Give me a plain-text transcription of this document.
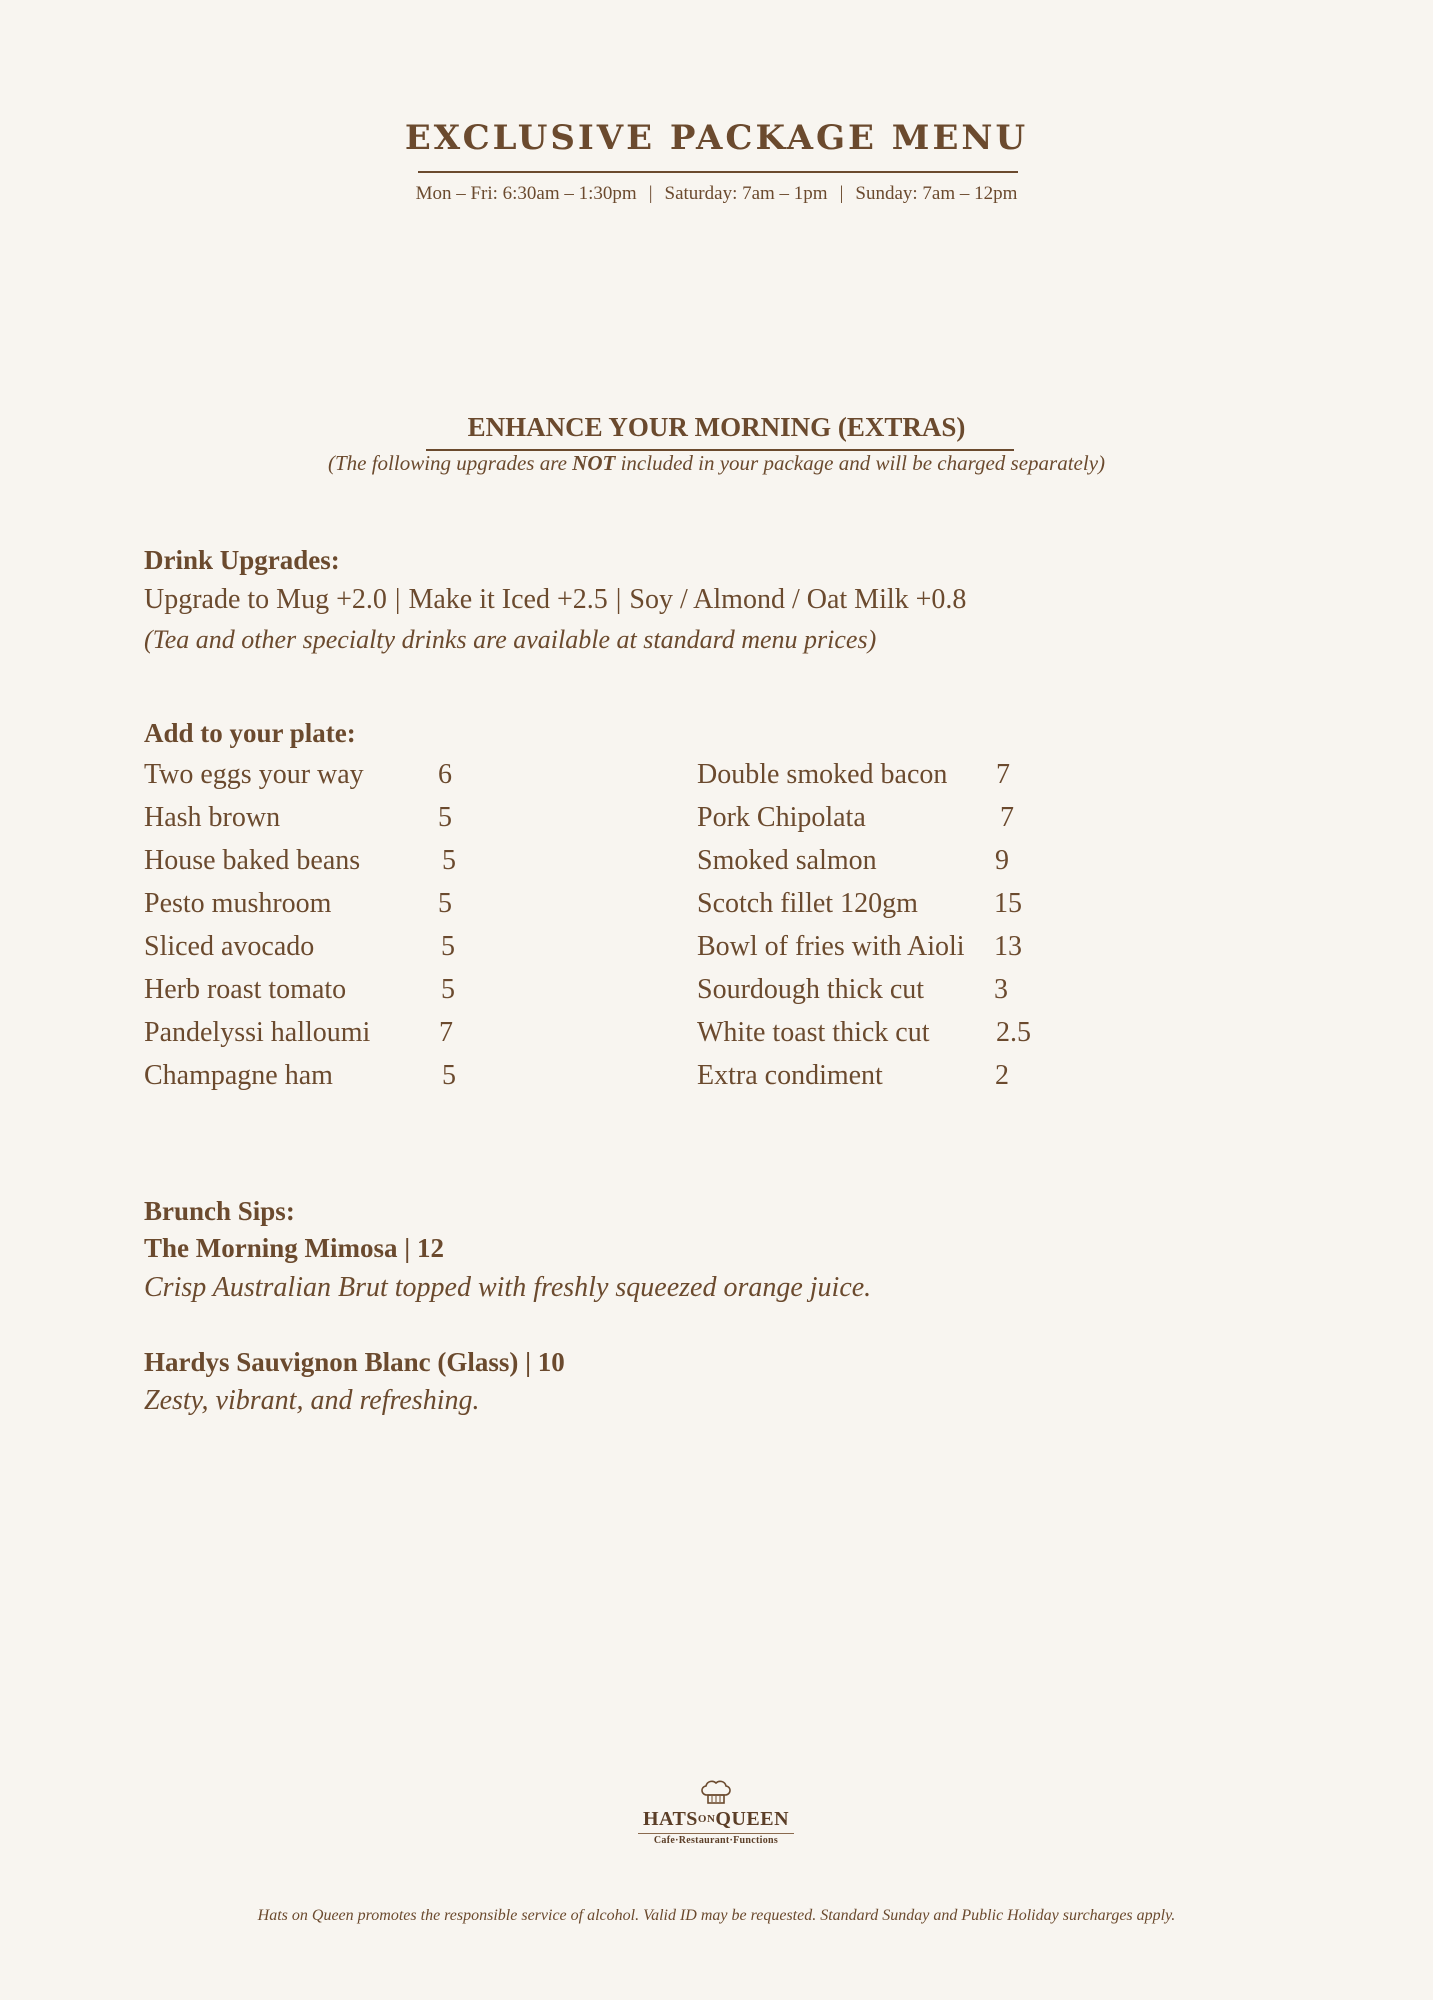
EXCLUSIVE PACKAGE MENU
Mon – Fri: 6:30am – 1:30pm | Saturday: 7am – 1pm | Sunday: 7am – 12pm
ENHANCE YOUR MORNING (EXTRAS)
(The following upgrades are NOT included in your package and will be charged separately)
Drink Upgrades:
Upgrade to Mug +2.0 | Make it Iced +2.5 | Soy / Almond / Oat Milk +0.8
(Tea and other specialty drinks are available at standard menu prices)
Add to your plate:
Two eggs your way	6
Hash brown	5
House baked beans	5
Pesto mushroom	5
Sliced avocado	5
Herb roast tomato	5
Pandelyssi halloumi 7
Champagne ham	5
Double smoked bacon 7
Pork Chipolata	7
Smoked salmon	9
Scotch fillet 120gm	15
Bowl of fries with Aioli 13
Sourdough thick cut 3
White toast thick cut 2.5
Extra condiment	2
Brunch Sips:
The Morning Mimosa | 12
Crisp Australian Brut topped with freshly squeezed orange juice.
Hardys Sauvignon Blanc (Glass) | 10
Zesty, vibrant, and refreshing.
HATSONQUEEN
Cafe·Restaurant·Functions
Hats on Queen promotes the responsible service of alcohol. Valid ID may be requested. Standard Sunday and Public Holiday surcharges apply.
